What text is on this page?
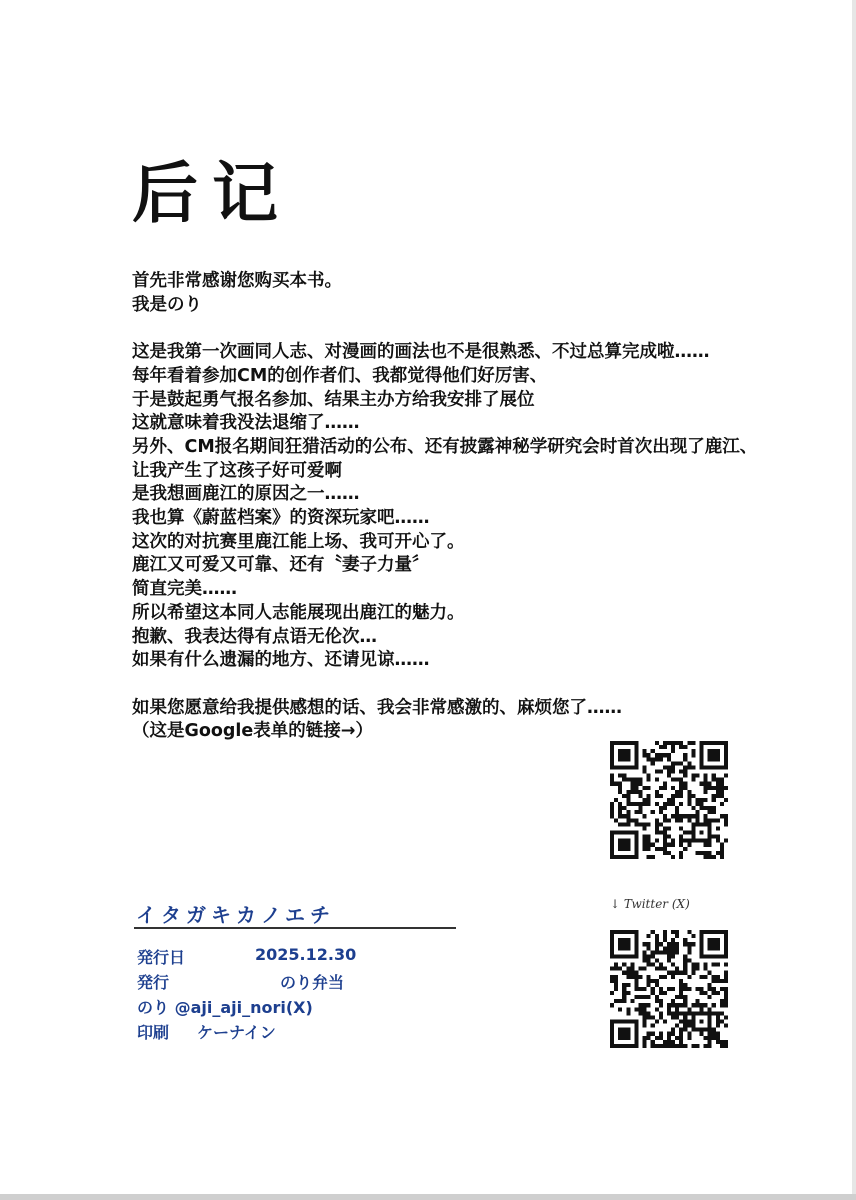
后记

首先非常感谢您购买本书。

我是のり

这是我第一次画同人志、对漫画的画法也不是很熟悉、不过总算完成啦……

每年看着参加CM的创作者们、我都觉得他们好厉害、

于是鼓起勇气报名参加、结果主办方给我安排了展位

这就意味着我没法退缩了……

另外、CM报名期间狂猎活动的公布、还有披露神秘学研究会时首次出现了鹿江、

让我产生了这孩子好可爱啊

是我想画鹿江的原因之一……

我也算《蔚蓝档案》的资深玩家吧……

这次的对抗赛里鹿江能上场、我可开心了。

鹿江又可爱又可靠、还有〝妻子力量〞

简直完美……

所以希望这本同人志能展现出鹿江的魅力。

抱歉、我表达得有点语无伦次…

如果有什么遗漏的地方、还请见谅……

如果您愿意给我提供感想的话、我会非常感激的、麻烦您了……

（这是Google表单的链接→）

↓ Twitter (X)
イタガキカノエチ
発行日	2025.12.30
発行	のり弁当
のり @aji_aji_nori(X)
印刷 ケーナイン
